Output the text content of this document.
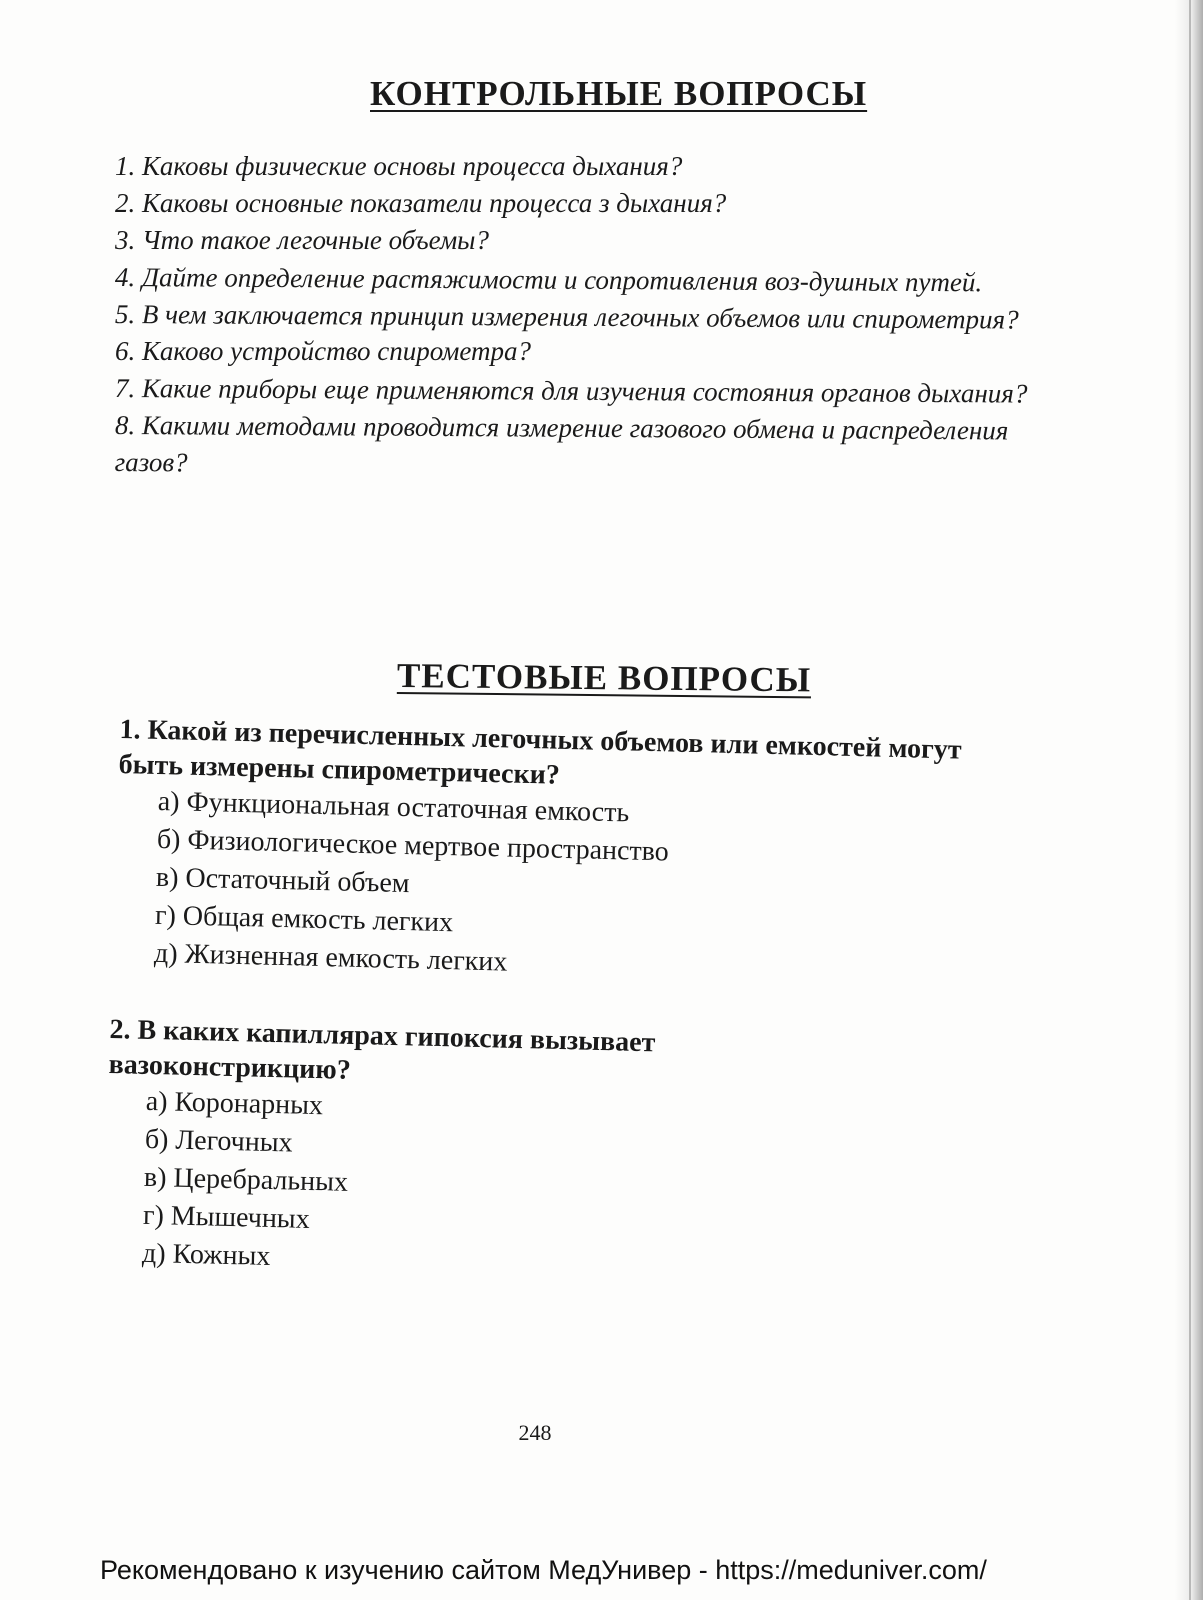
КОНТРОЛЬНЫЕ ВОПРОСЫ

1. Каковы физические основы процесса дыхания?

2. Каковы основные показатели процесса з дыхания?

3. Что такое легочные объемы?

4. Дайте определение растяжимости и сопротивления воз-душных путей.

5. В чем заключается принцип измерения легочных объемов или спирометрия?

6. Каково устройство спирометра?

7. Какие приборы еще применяются для изучения состояния органов дыхания?

8. Какими методами проводится измерение газового обмена и распределения газов?

ТЕСТОВЫЕ ВОПРОСЫ

1. Какой из перечисленных легочных объемов или емкостей могут быть измерены спирометрически?

а) Функциональная остаточная емкость
б) Физиологическое мертвое пространство
в) Остаточный объем
г) Общая емкость легких
д) Жизненная емкость легких

2. В каких капиллярах гипоксия вызывает вазоконстрикцию?

а) Коронарных
б) Легочных
в) Церебральных
г) Мышечных
д) Кожных
248
Рекомендовано к изучению сайтом МедУнивер - https://meduniver.com/
